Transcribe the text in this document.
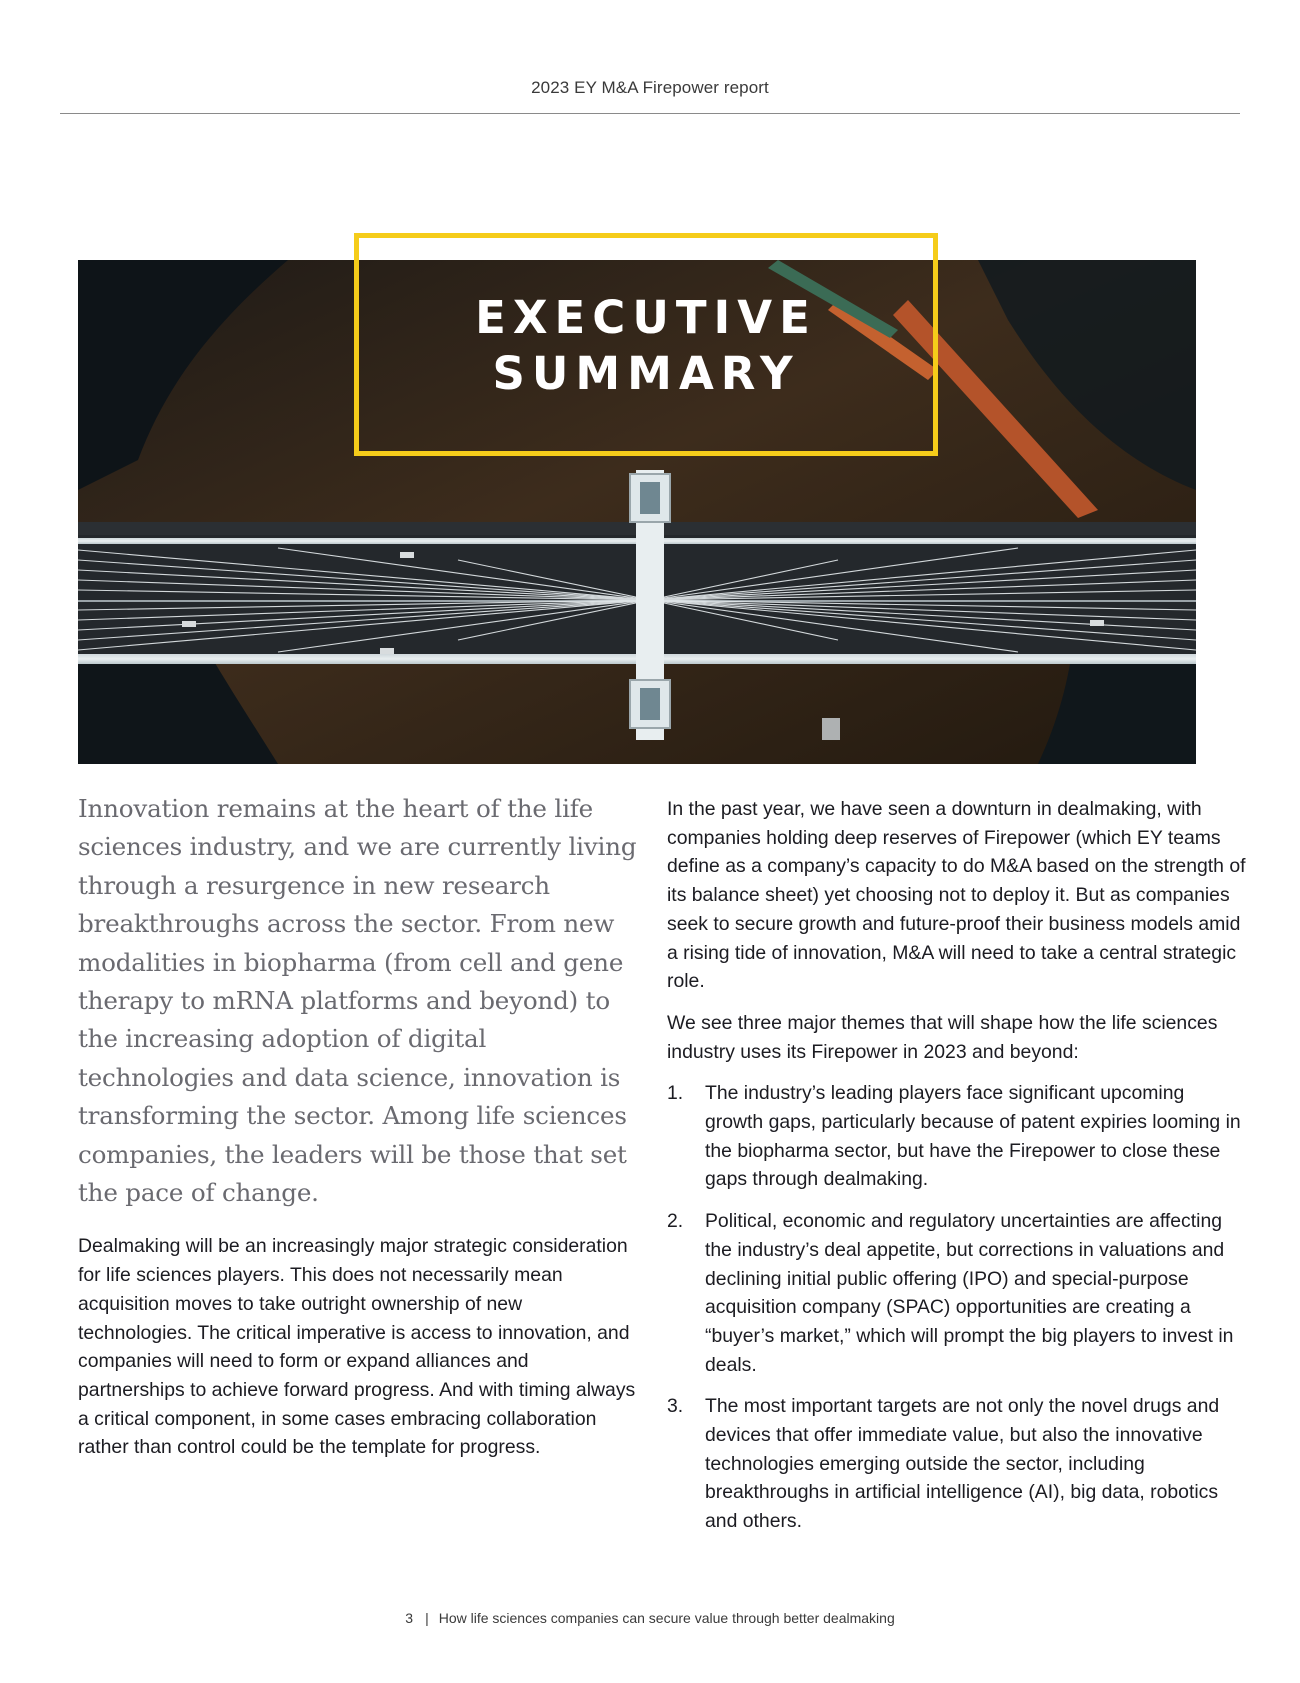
2023 EY M&A Firepower report
EXECUTIVE
SUMMARY

Innovation remains at the heart of the life sciences industry, and we are currently living through a resurgence in new research breakthroughs across the sector. From new modalities in biopharma (from cell and gene therapy to mRNA platforms and beyond) to the increasing adoption of digital technologies and data science, innovation is transforming the sector. Among life sciences companies, the leaders will be those that set the pace of change.

Dealmaking will be an increasingly major strategic consideration for life sciences players. This does not necessarily mean acquisition moves to take outright ownership of new technologies. The critical imperative is access to innovation, and companies will need to form or expand alliances and partnerships to achieve forward progress. And with timing always a critical component, in some cases embracing collaboration rather than control could be the template for progress.

In the past year, we have seen a downturn in dealmaking, with companies holding deep reserves of Firepower (which EY teams define as a company’s capacity to do M&A based on the strength of its balance sheet) yet choosing not to deploy it. But as companies seek to secure growth and future-proof their business models amid a rising tide of innovation, M&A will need to take a central strategic role.

We see three major themes that will shape how the life sciences industry uses its Firepower in 2023 and beyond:

1. The industry’s leading players face significant upcoming growth gaps, particularly because of patent expiries looming in the biopharma sector, but have the Firepower to close these gaps through dealmaking.
2. Political, economic and regulatory uncertainties are affecting the industry’s deal appetite, but corrections in valuations and declining initial public offering (IPO) and special-purpose acquisition company (SPAC) opportunities are creating a “buyer’s market,” which will prompt the big players to invest in deals.
3. The most important targets are not only the novel drugs and devices that offer immediate value, but also the innovative technologies emerging outside the sector, including breakthroughs in artificial intelligence (AI), big data, robotics and others.
3 | How life sciences companies can secure value through better dealmaking
